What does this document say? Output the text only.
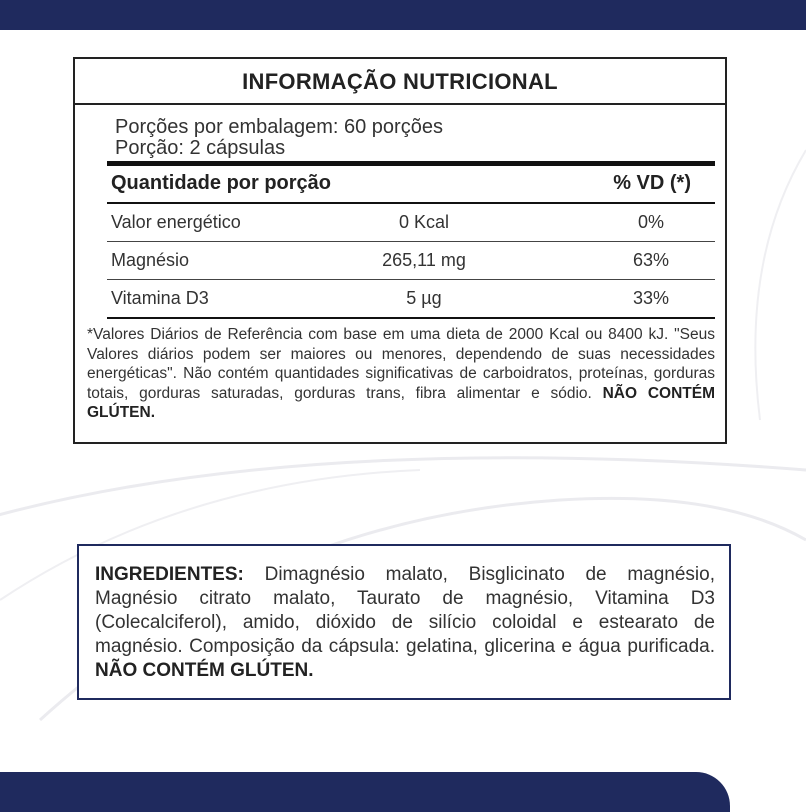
INFORMAÇÃO NUTRICIONAL
Porções por embalagem: 60 porções
Porção: 2 cápsulas
Quantidade por porção	% VD (*)
Valor energético	0 Kcal	0%
Magnésio	265,11 mg	63%
Vitamina D3	5 µg	33%
*Valores Diários de Referência com base em uma dieta de 2000 Kcal ou 8400 kJ. "Seus Valores diários podem ser maiores ou menores, dependendo de suas necessidades energéticas". Não contém quantidades significativas de carboidratos, proteínas, gorduras totais, gorduras saturadas, gorduras trans, fibra alimentar e sódio. NÃO CONTÉM GLÚTEN.
INGREDIENTES: Dimagnésio malato, Bisglicinato de magnésio, Magnésio citrato malato, Taurato de magnésio, Vitamina D3 (Colecalciferol), amido, dióxido de silício coloidal e estearato de magnésio. Composição da cápsula: gelatina, glicerina e água purificada. NÃO CONTÉM GLÚTEN.
